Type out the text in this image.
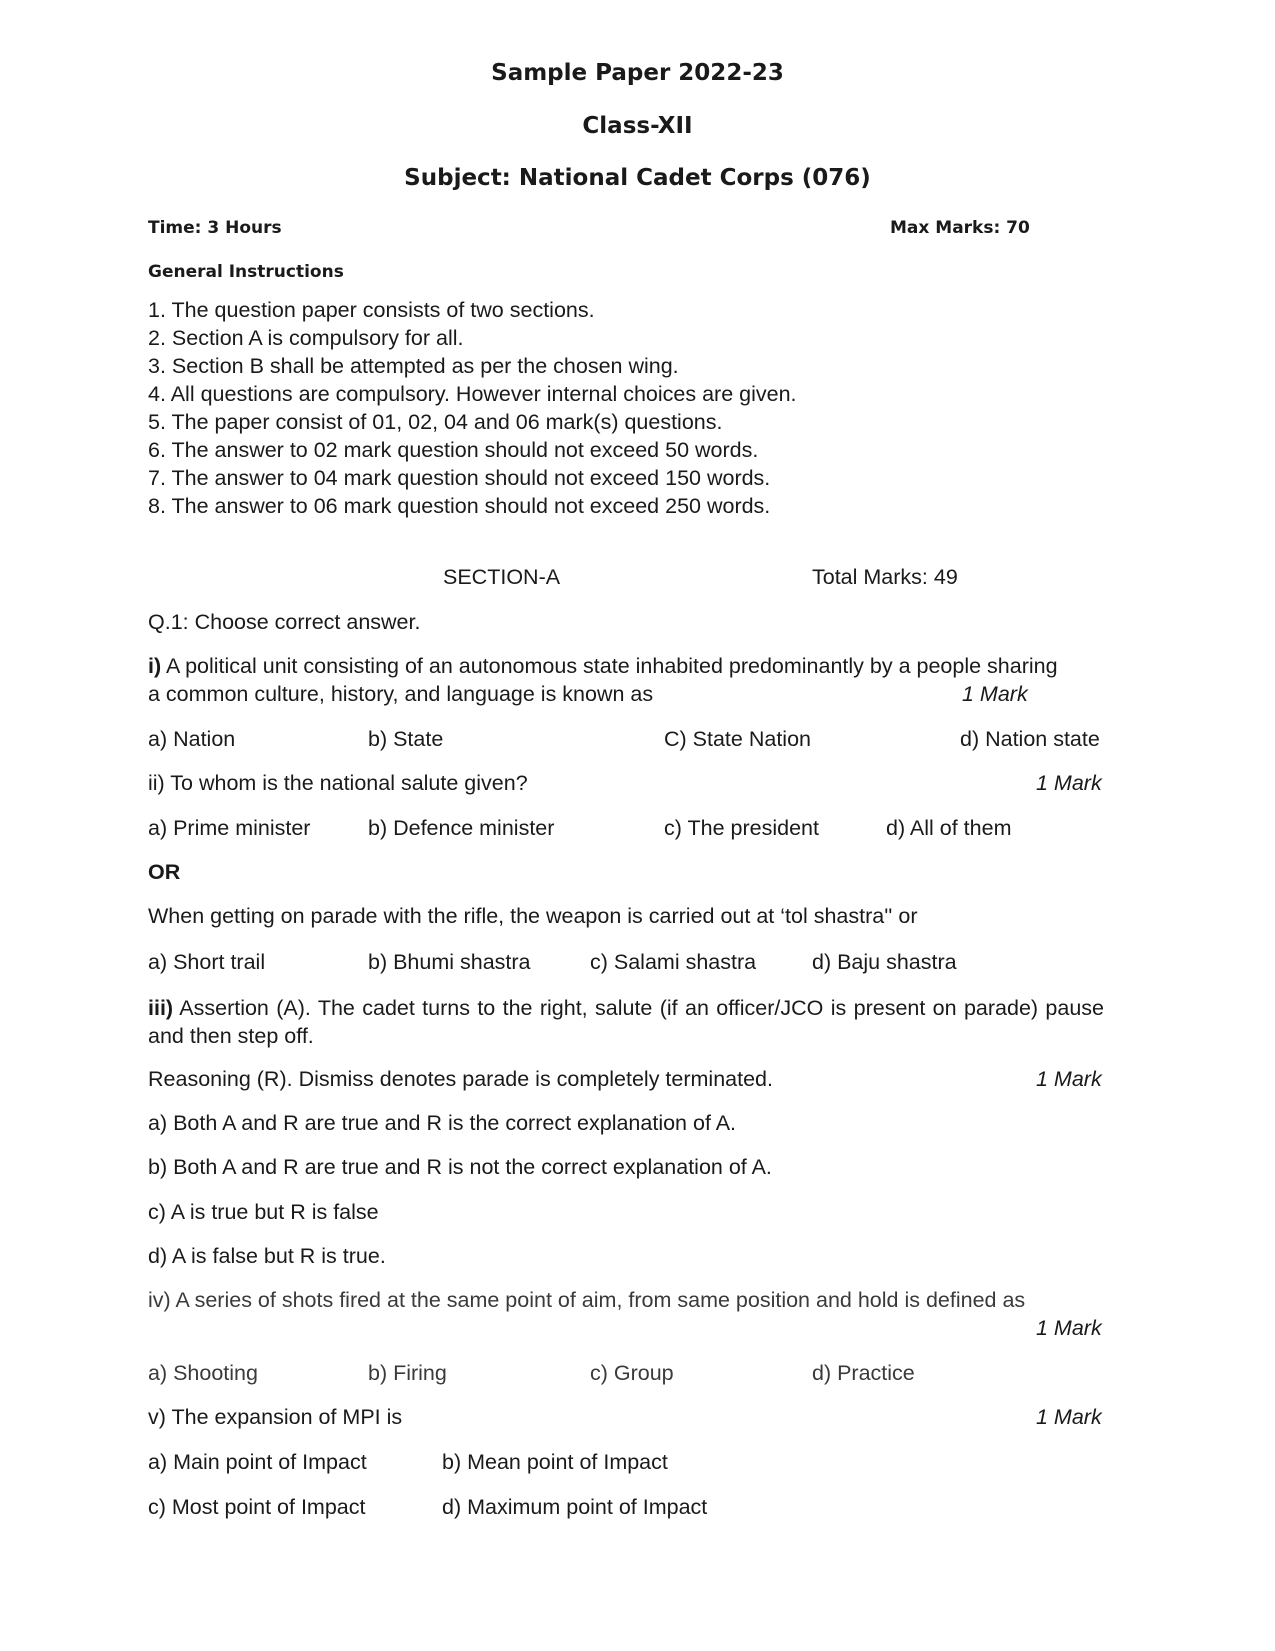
Sample Paper 2022-23
Class-XII
Subject: National Cadet Corps (076)
Time: 3 Hours	Max Marks: 70
General Instructions
1. The question paper consists of two sections.
2. Section A is compulsory for all.
3. Section B shall be attempted as per the chosen wing.
4. All questions are compulsory. However internal choices are given.
5. The paper consist of 01, 02, 04 and 06 mark(s) questions.
6. The answer to 02 mark question should not exceed 50 words.
7. The answer to 04 mark question should not exceed 150 words.
8. The answer to 06 mark question should not exceed 250 words.
SECTION-A	Total Marks: 49
Q.1: Choose correct answer.
i) A political unit consisting of an autonomous state inhabited predominantly by a people sharing
a common culture, history, and language is known as	1 Mark
a) Nation	b) State	C) State Nation	d) Nation state
ii) To whom is the national salute given?	1 Mark
a) Prime minister	b) Defence minister	c) The president	d) All of them
OR
When getting on parade with the rifle, the weapon is carried out at ‘tol shastra'' or
a) Short trail	b) Bhumi shastra	c) Salami shastra	d) Baju shastra
iii) Assertion (A). The cadet turns to the right, salute (if an officer/JCO is present on parade) pause and then step off.
Reasoning (R). Dismiss denotes parade is completely terminated.	1 Mark
a) Both A and R are true and R is the correct explanation of A.
b) Both A and R are true and R is not the correct explanation of A.
c) A is true but R is false
d) A is false but R is true.
iv) A series of shots fired at the same point of aim, from same position and hold is defined as
1 Mark
a) Shooting	b) Firing	c) Group	d) Practice
v) The expansion of MPI is	1 Mark
a) Main point of Impact	b) Mean point of Impact
c) Most point of Impact	d) Maximum point of Impact
